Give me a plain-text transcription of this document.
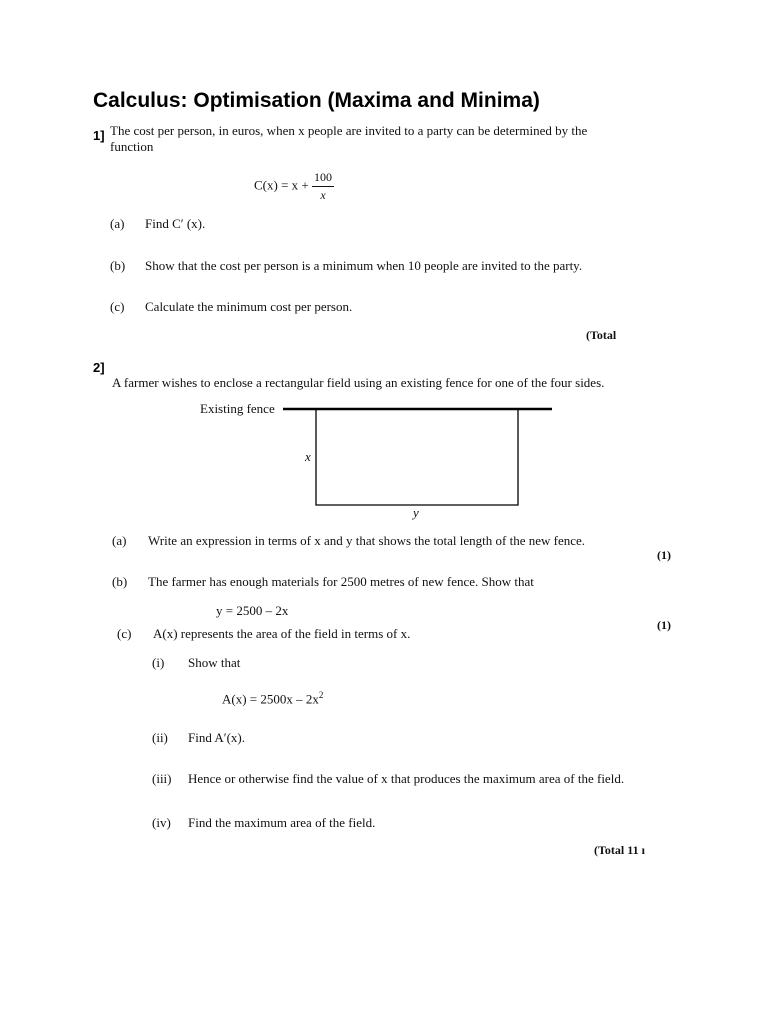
Calculus: Optimisation (Maxima and Minima)
1] The cost per person, in euros, when x people are invited to a party can be determined by the
function
$C(x) = x + \frac{100}{x}$
(a) Find C′ (x).
(b) Show that the cost per person is a minimum when 10 people are invited to the party.
(c) Calculate the minimum cost per person.
(Total
2]
A farmer wishes to enclose a rectangular field using an existing fence for one of the four sides.
Existing fence
x
y
(a) Write an expression in terms of x and y that shows the total length of the new fence.
(1)
(b) The farmer has enough materials for 2500 metres of new fence. Show that
y = 2500 – 2x
(1)
(c) A(x) represents the area of the field in terms of x.
(i) Show that
$A(x) = 2500x - 2x^2$
(ii) Find A′(x).
(iii) Hence or otherwise find the value of x that produces the maximum area of the field.
(iv) Find the maximum area of the field.
(Total 11 ı
